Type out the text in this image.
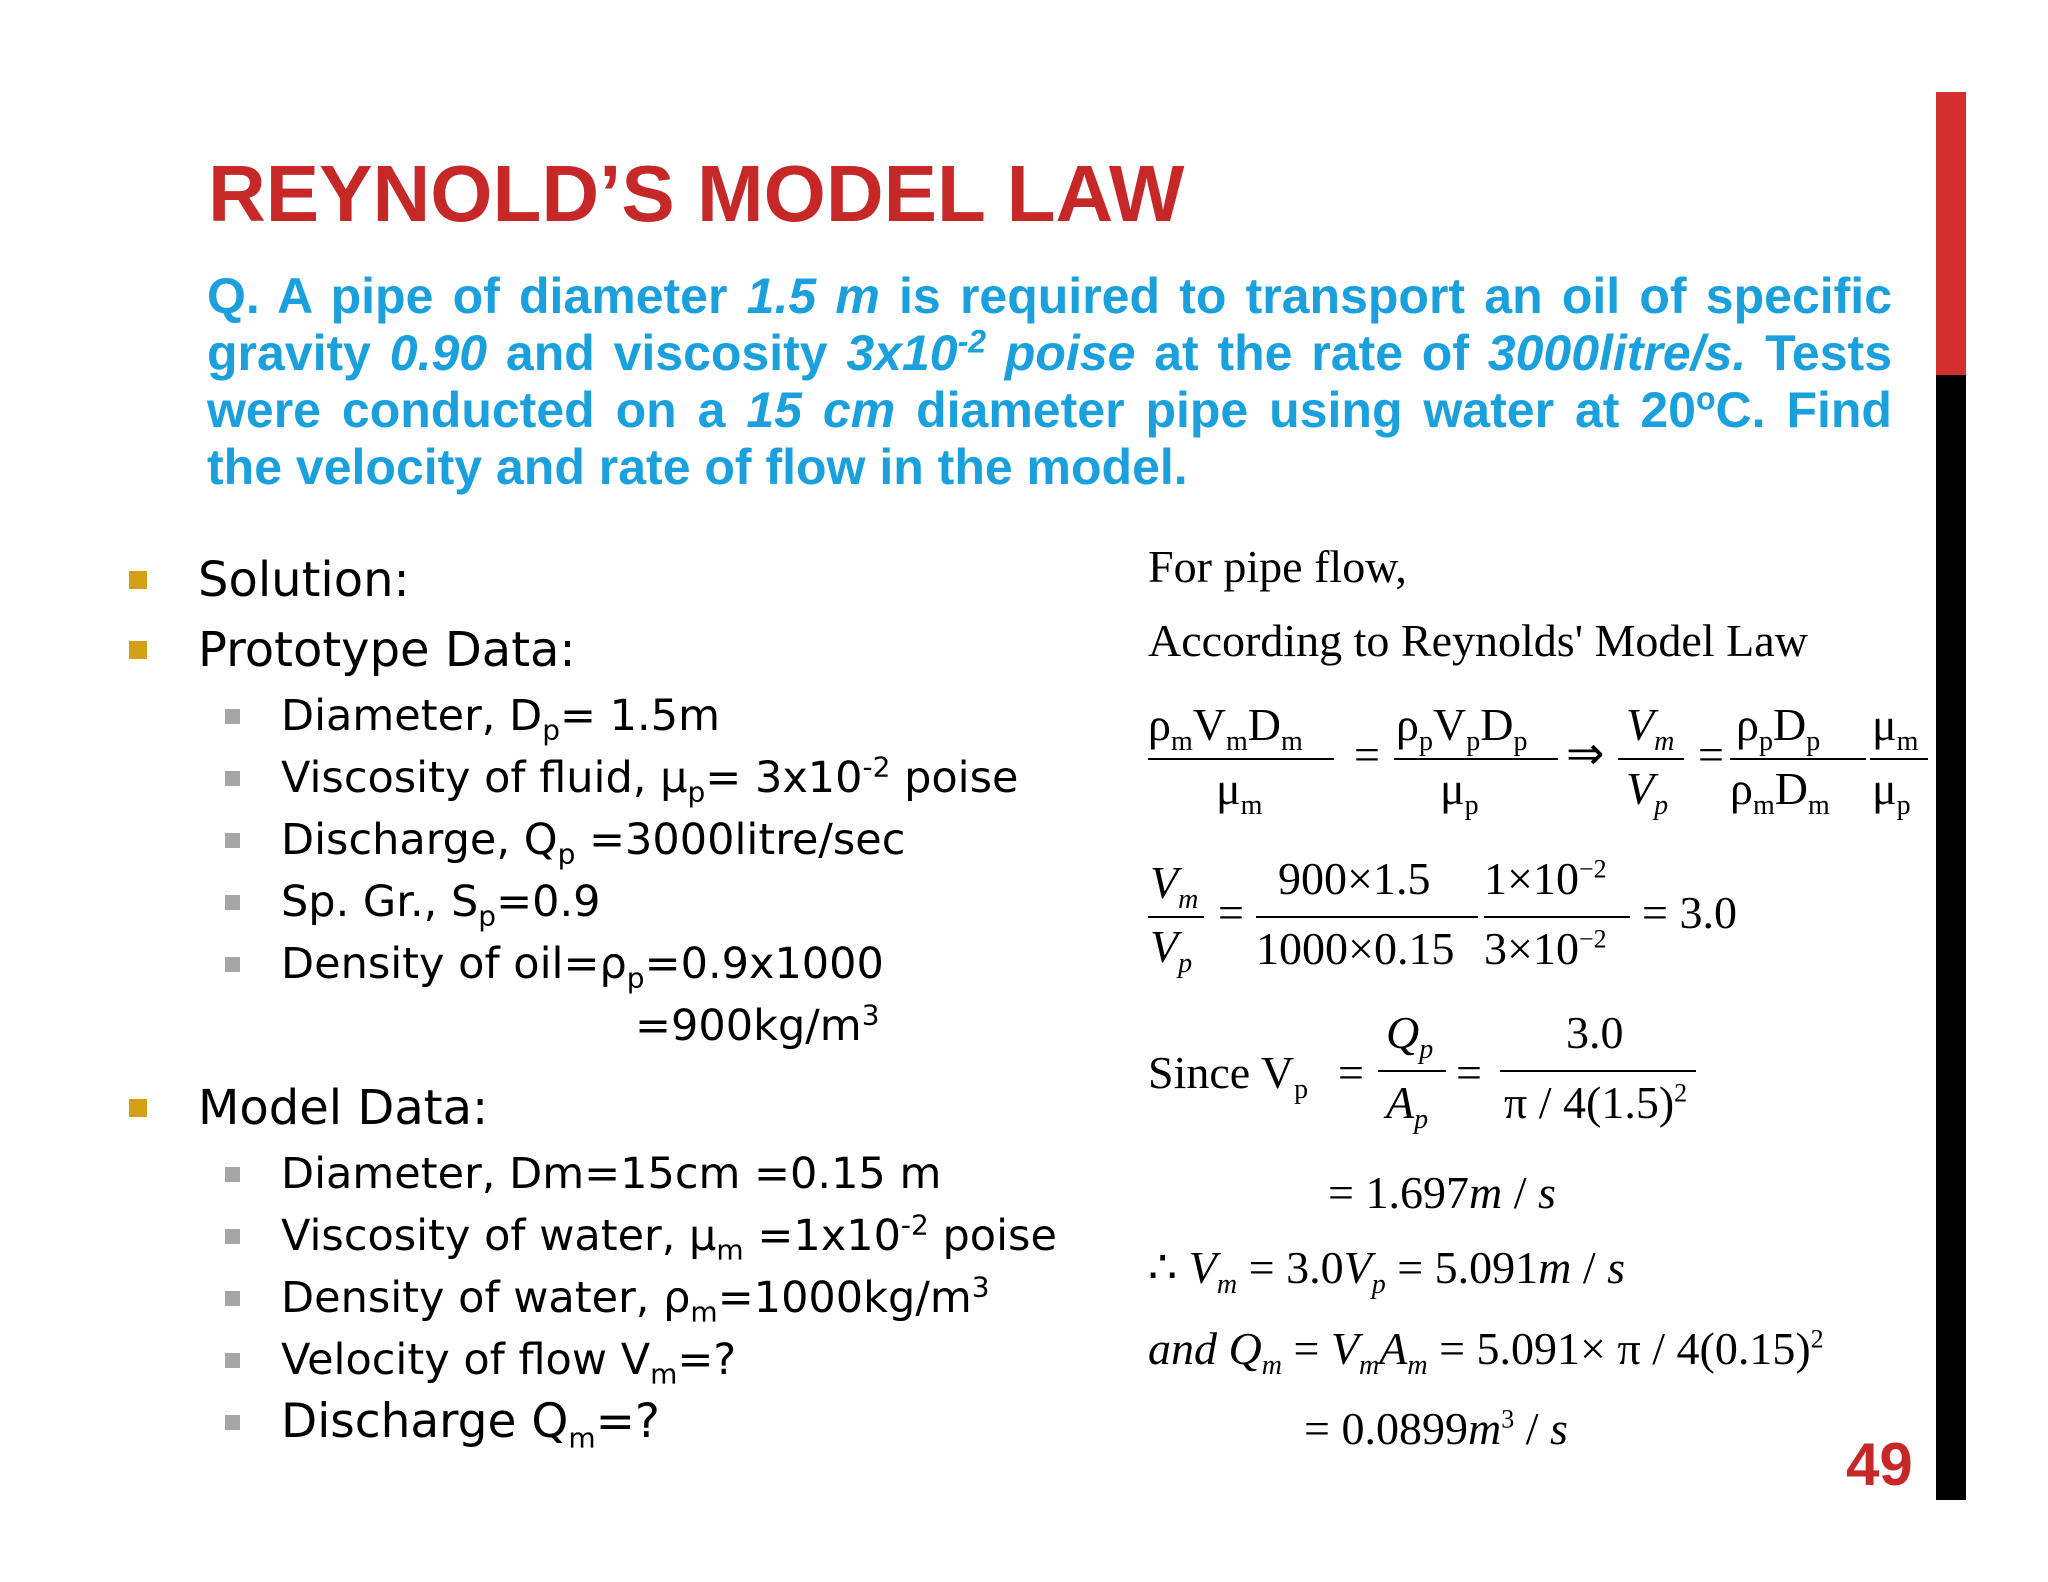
REYNOLD’S MODEL LAW
Q. A pipe of diameter 1.5 m is required to transport an oil of specific gravity 0.90 and viscosity $3x10^{-2}$ poise at the rate of 3000litre/s. Tests were conducted on a 15 cm diameter pipe using water at 20$^o$C. Find the velocity and rate of flow in the model.
Solution:
Prototype Data:
Diameter, $D_p= 1.5m$
Viscosity of fluid, $\mu_p= 3x10^{-2}$ poise
Discharge, $Q_p$ =3000litre/sec
Sp. Gr., $S_p=0.9$
Density of $oil=\rho_p=0.9x1000$
$=900kg/m^3$
Model Data:
Diameter, Dm=15cm =0.15 m
Viscosity of water, $\mu_m =1x10^{-2}$ poise
Density of water, $\rho_m=1000kg/m^3$
Velocity of flow $V_m=$?
Discharge $Q_m=$?
For pipe flow,
According to Reynolds' Model Law
$\rho_mV_mD_m$
$\mu_m$
=
$\rho_pV_pD_p$
$\mu_p$
⇒
$V_m$
$V_p$
=
$\rho_pD_p$
$\rho_mD_m$
$\mu_m$
$\mu_p$
$V_m$
$V_p$
=
900×1.5
1000×0.15
$1\times 10^{-2}$
$3\times 10^{-2}$
= 3.0
Since $V_p$ =
$Q_p$
$A_p$
=
3.0
π / $4(1.5)^2$
= 1.697m / s
∴ $V_m = 3.0V_p = 5.091m / s$
and $Q_m = V_mA_m = 5.091\times \pi / 4(0.15)^2$
= $0.0899m^3$ / s
49
